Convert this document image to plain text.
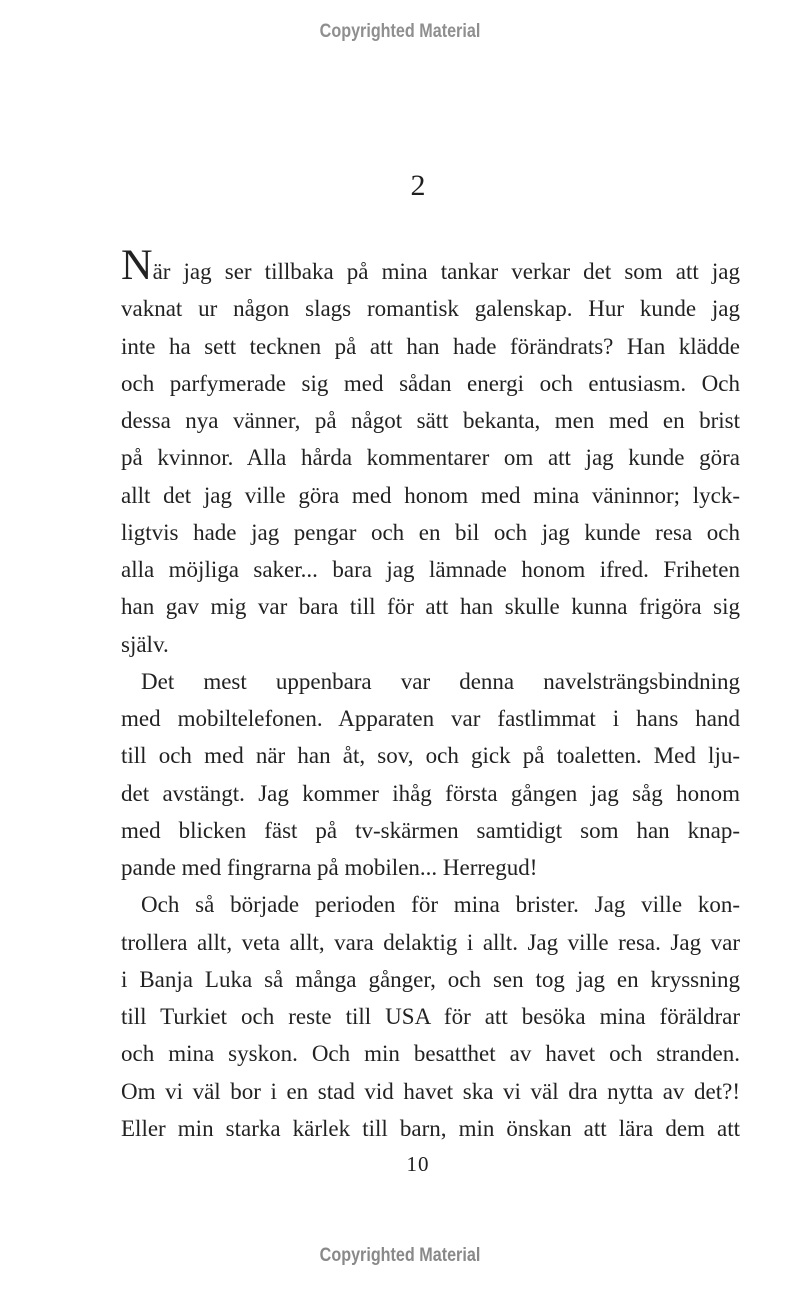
Copyrighted Material
2
När jag ser tillbaka på mina tankar verkar det som att jag
vaknat ur någon slags romantisk galenskap. Hur kunde jag
inte ha sett tecknen på att han hade förändrats? Han klädde
och parfymerade sig med sådan energi och entusiasm. Och
dessa nya vänner, på något sätt bekanta, men med en brist
på kvinnor. Alla hårda kommentarer om att jag kunde göra
allt det jag ville göra med honom med mina väninnor; lyck-
ligtvis hade jag pengar och en bil och jag kunde resa och
alla möjliga saker... bara jag lämnade honom ifred. Friheten
han gav mig var bara till för att han skulle kunna frigöra sig
själv.
Det mest uppenbara var denna navelsträngsbindning
med mobiltelefonen. Apparaten var fastlimmat i hans hand
till och med när han åt, sov, och gick på toaletten. Med lju-
det avstängt. Jag kommer ihåg första gången jag såg honom
med blicken fäst på tv-skärmen samtidigt som han knap-
pande med fingrarna på mobilen... Herregud!
Och så började perioden för mina brister. Jag ville kon-
trollera allt, veta allt, vara delaktig i allt. Jag ville resa. Jag var
i Banja Luka så många gånger, och sen tog jag en kryssning
till Turkiet och reste till USA för att besöka mina föräldrar
och mina syskon. Och min besatthet av havet och stranden.
Om vi väl bor i en stad vid havet ska vi väl dra nytta av det?!
Eller min starka kärlek till barn, min önskan att lära dem att
10
Copyrighted Material
